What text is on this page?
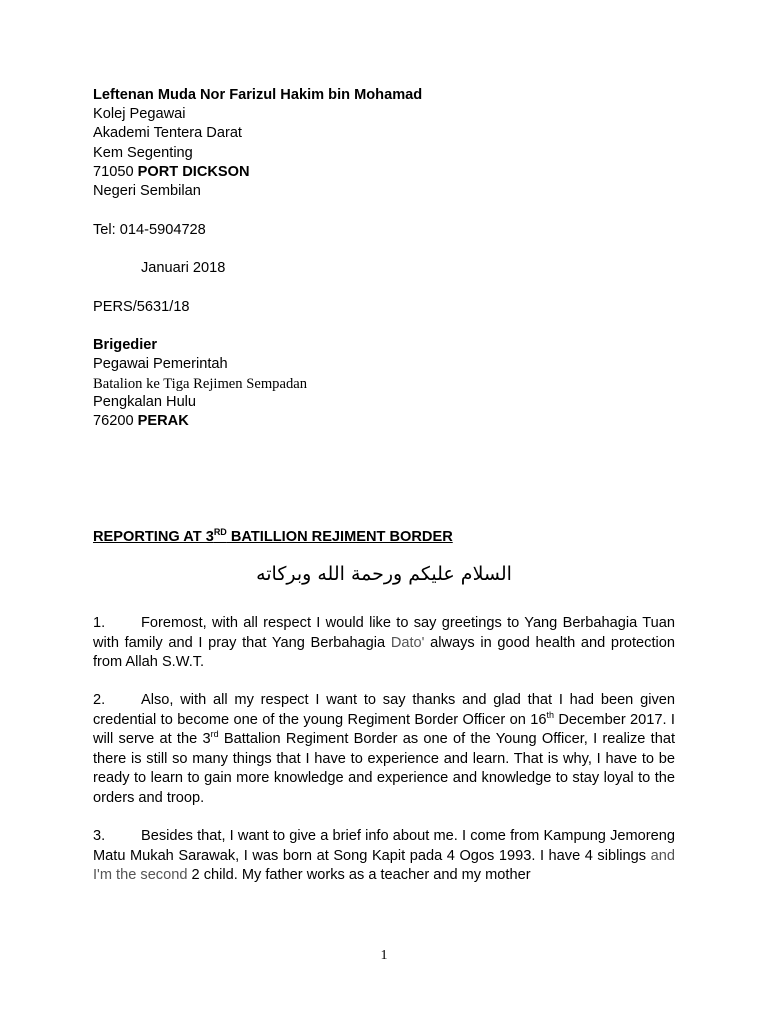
Leftenan Muda Nor Farizul Hakim bin Mohamad
Kolej Pegawai
Akademi Tentera Darat
Kem Segenting
71050 PORT DICKSON
Negeri Sembilan
Tel: 014-5904728
Januari 2018
PERS/5631/18
Brigedier
Pegawai Pemerintah
Batalion ke Tiga Rejimen Sempadan
Pengkalan Hulu
76200 PERAK
REPORTING AT 3RD BATILLION REJIMENT BORDER
السلام عليكم ورحمة الله وبركاته
1. Foremost, with all respect I would like to say greetings to Yang Berbahagia Tuan with family and I pray that Yang Berbahagia Dato' always in good health and protection from Allah S.W.T.
2. Also, with all my respect I want to say thanks and glad that I had been given credential to become one of the young Regiment Border Officer on 16th December 2017. I will serve at the 3rd Battalion Regiment Border as one of the Young Officer, I realize that there is still so many things that I have to experience and learn. That is why, I have to be ready to learn to gain more knowledge and experience and knowledge to stay loyal to the orders and troop.
3. Besides that, I want to give a brief info about me. I come from Kampung Jemoreng Matu Mukah Sarawak, I was born at Song Kapit pada 4 Ogos 1993. I have 4 siblings and I'm the second 2 child. My father works as a teacher and my mother
1
